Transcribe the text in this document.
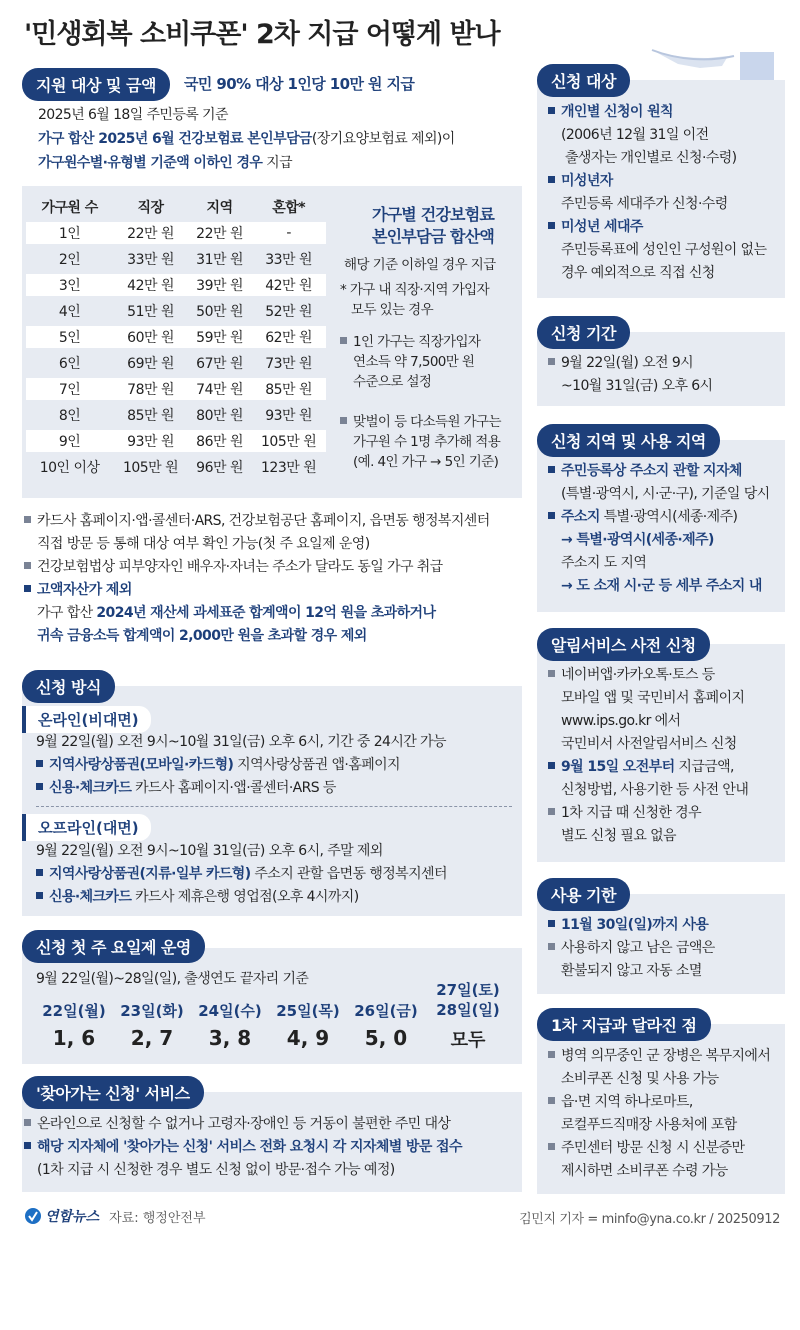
'민생회복 소비쿠폰' 2차 지급 어떻게 받나
지원 대상 및 금액	국민 90% 대상 1인당 10만 원 지급
2025년 6월 18일 주민등록 기준
가구 합산 2025년 6월 건강보험료 본인부담금(장기요양보험료 제외)이
가구원수별·유형별 기준액 이하인 경우 지급
가구원 수	직장	지역	혼합*
1인	22만 원	22만 원	-
2인	33만 원	31만 원	33만 원
3인	42만 원	39만 원	42만 원
4인	51만 원	50만 원	52만 원
5인	60만 원	59만 원	62만 원
6인	69만 원	67만 원	73만 원
7인	78만 원	74만 원	85만 원
8인	85만 원	80만 원	93만 원
9인	93만 원	86만 원	105만 원
10인 이상	105만 원	96만 원	123만 원
가구별 건강보험료
본인부담금 합산액
해당 기준 이하일 경우 지급
* 가구 내 직장·지역 가입자
모두 있는 경우
1인 가구는 직장가입자
연소득 약 7,500만 원
수준으로 설정
맞벌이 등 다소득원 가구는
가구원 수 1명 추가해 적용
(예. 4인 가구 → 5인 기준)
카드사 홈페이지·앱·콜센터·ARS, 건강보험공단 홈페이지, 읍면동 행정복지센터
직접 방문 등 통해 대상 여부 확인 가능(첫 주 요일제 운영)
건강보험법상 피부양자인 배우자·자녀는 주소가 달라도 동일 가구 취급
고액자산가 제외
가구 합산 2024년 재산세 과세표준 합계액이 12억 원을 초과하거나
귀속 금융소득 합계액이 2,000만 원을 초과할 경우 제외
신청 방식
온라인(비대면)
9월 22일(월) 오전 9시~10월 31일(금) 오후 6시, 기간 중 24시간 가능
지역사랑상품권(모바일·카드형) 지역사랑상품권 앱·홈페이지
신용·체크카드 카드사 홈페이지·앱·콜센터·ARS 등
오프라인(대면)
9월 22일(월) 오전 9시~10월 31일(금) 오후 6시, 주말 제외
지역사랑상품권(지류·일부 카드형) 주소지 관할 읍면동 행정복지센터
신용·체크카드 카드사 제휴은행 영업점(오후 4시까지)
신청 첫 주 요일제 운영
9월 22일(월)~28일(일), 출생연도 끝자리 기준
22일(월)
1, 6
23일(화)
2, 7
24일(수)
3, 8
25일(목)
4, 9
26일(금)
5, 0
27일(토)
28일(일)
모두
'찾아가는 신청' 서비스
온라인으로 신청할 수 없거나 고령자·장애인 등 거동이 불편한 주민 대상
해당 지자체에 '찾아가는 신청' 서비스 전화 요청시 각 지자체별 방문 접수
(1차 지급 시 신청한 경우 별도 신청 없이 방문·접수 가능 예정)
신청 대상
개인별 신청이 원칙
(2006년 12월 31일 이전
출생자는 개인별로 신청·수령)
미성년자
주민등록 세대주가 신청·수령
미성년 세대주
주민등록표에 성인인 구성원이 없는
경우 예외적으로 직접 신청
신청 기간
9월 22일(월) 오전 9시
~10월 31일(금) 오후 6시
신청 지역 및 사용 지역
주민등록상 주소지 관할 지자체
(특별·광역시, 시·군·구), 기준일 당시
주소지 특별·광역시(세종·제주)
→ 특별·광역시(세종·제주)
주소지 도 지역
→ 도 소재 시·군 등 세부 주소지 내
알림서비스 사전 신청
네이버앱·카카오톡·토스 등
모바일 앱 및 국민비서 홈페이지
www.ips.go.kr 에서
국민비서 사전알림서비스 신청
9월 15일 오전부터 지급금액,
신청방법, 사용기한 등 사전 안내
1차 지급 때 신청한 경우
별도 신청 필요 없음
사용 기한
11월 30일(일)까지 사용
사용하지 않고 남은 금액은
환불되지 않고 자동 소멸
1차 지급과 달라진 점
병역 의무중인 군 장병은 복무지에서
소비쿠폰 신청 및 사용 가능
읍·면 지역 하나로마트,
로컬푸드직매장 사용처에 포함
주민센터 방문 신청 시 신분증만
제시하면 소비쿠폰 수령 가능
연합뉴스 자료: 행정안전부	김민지 기자 = minfo@yna.co.kr / 20250912
